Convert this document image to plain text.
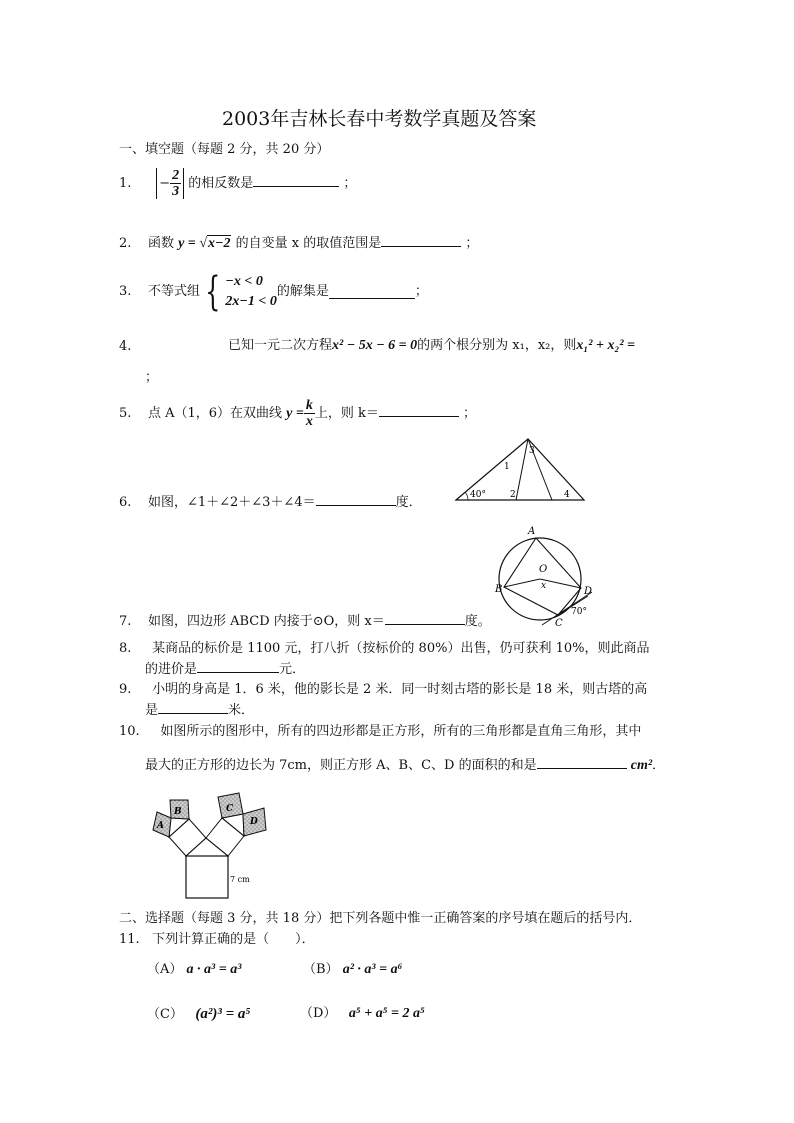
2003年吉林长春中考数学真题及答案
一、填空题（每题 2 分，共 20 分）
1. − $\frac{2}{3}$ 的相反数是	；
2. 函数 y = √x−2 的自变量 x 的取值范围是	；
3. 不等式组 { −x < 0
2x−1 < 0
的解集是	；
4.	已知一元二次方程x² − 5x − 6 = 0的两个根分别为 x₁，x₂，则x₁² + x₂² =
；
5. 点 A（1，6）在双曲线 $y = \frac{k}{x}$ 上，则 k＝	；
40°
1
2
3
4
6. 如图，∠1＋∠2＋∠3＋∠4＝	度．
A
B
C
D
O
x
70°
7. 如图，四边形 ABCD 内接于⊙O，则 x＝	度。
8. 某商品的标价是 1100 元，打八折（按标价的 80%）出售，仍可获利 10%，则此商品
的进价是	元．
9. 小明的身高是 1．6 米，他的影长是 2 米．同一时刻古塔的影长是 18 米，则古塔的高
是	米．
10. 如图所示的图形中，所有的四边形都是正方形，所有的三角形都是直角三角形，其中
最大的正方形的边长为 7cm，则正方形 A、B、C、D 的面积的和是	cm²．
A
B	C
D
7 cm
二、选择题（每题 3 分，共 18 分）把下列各题中惟一正确答案的序号填在题后的括号内．
11. 下列计算正确的是（　　）．
（A） a · a³ = a³	（B） a² · a³ = a⁶
（C） (a²)³ = a⁵	（D） a⁵ + a⁵ = 2 a⁵
